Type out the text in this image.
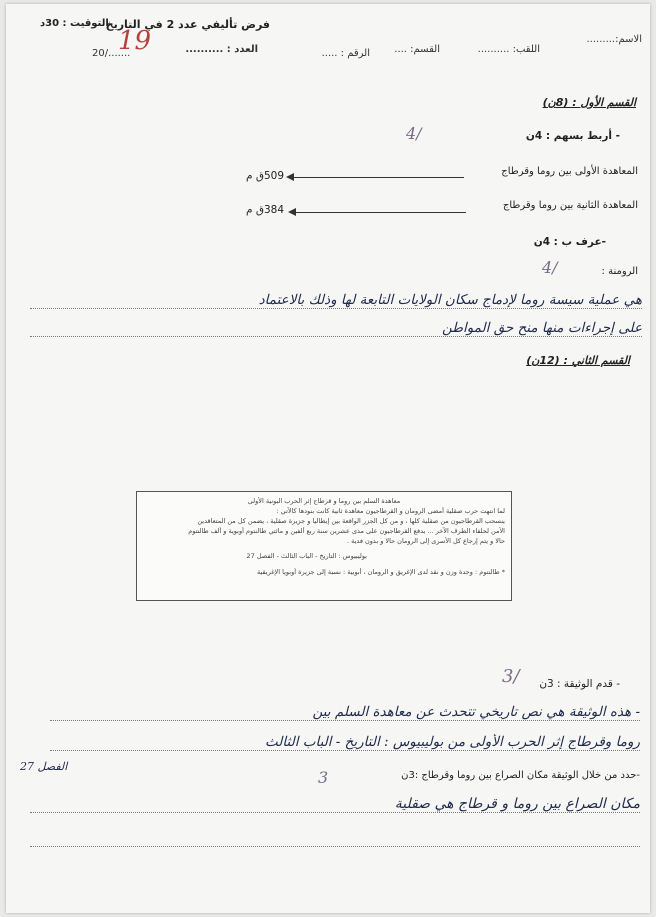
الاسم:.........
اللقب: ..........
القسم: ....
الرقم : .....
العدد : ..........
20/.......
فرض تأليفي عدد 2 في التاريخ
التوقيت : 30د
19
القسم الأول : (8ن)
- أربط بسهم : 4ن
4/
المعاهدة الأولى بين روما وقرطاج
509ق م
المعاهدة الثانية بين روما وقرطاج
384ق م
-عرف ب : 4ن
الرومنة :
4/
هي عملية سيسة روما لإدماج سكان الولايات التابعة لها وذلك بالاعتماد
على إجراءات منها منح حق المواطن
القسم الثاني : (12ن)
معاهدة السلم بين روما و قرطاج إثر الحرب البونية الأولى
لما انتهت حرب صقلية أمضى الرومان و القرطاجيون معاهدة ثانية كانت بنودها كالآتي :
ينسحب القرطاجيون من صقلية كلها ، و من كل الجزر الواقعة بين إيطاليا و جزيرة صقلية ، يضمن كل من المتعاقدين
الأمن لحلفاء الطرف الآخر ... يدفع القرطاجيون على مدى عشرين سنة ربع ألفين و مائتي طالنتوم أوبوية و ألف طالنتوم
حالا و يتم إرجاع كل الأسرى إلى الرومان حالا و بدون فدية .
بوليبيوس : التاريخ - الباب الثالث - الفصل 27
* طالنتوم : وحدة وزن و نقد لدى الإغريق و الرومان ، أبوبية : نسبة إلى جزيرة أوبويا الإغريقية
- قدم الوثيقة : 3ن
3/
- هذه الوثيقة هي نص تاريخي تتحدث عن معاهدة السلم بين
روما وقرطاج إثر الحرب الأولى من بوليبيوس : التاريخ - الباب الثالث
الفصل 27
-حدد من خلال الوثيقة مكان الصراع بين روما وقرطاج :3ن
3
مكان الصراع بين روما و قرطاج هي صقلية
